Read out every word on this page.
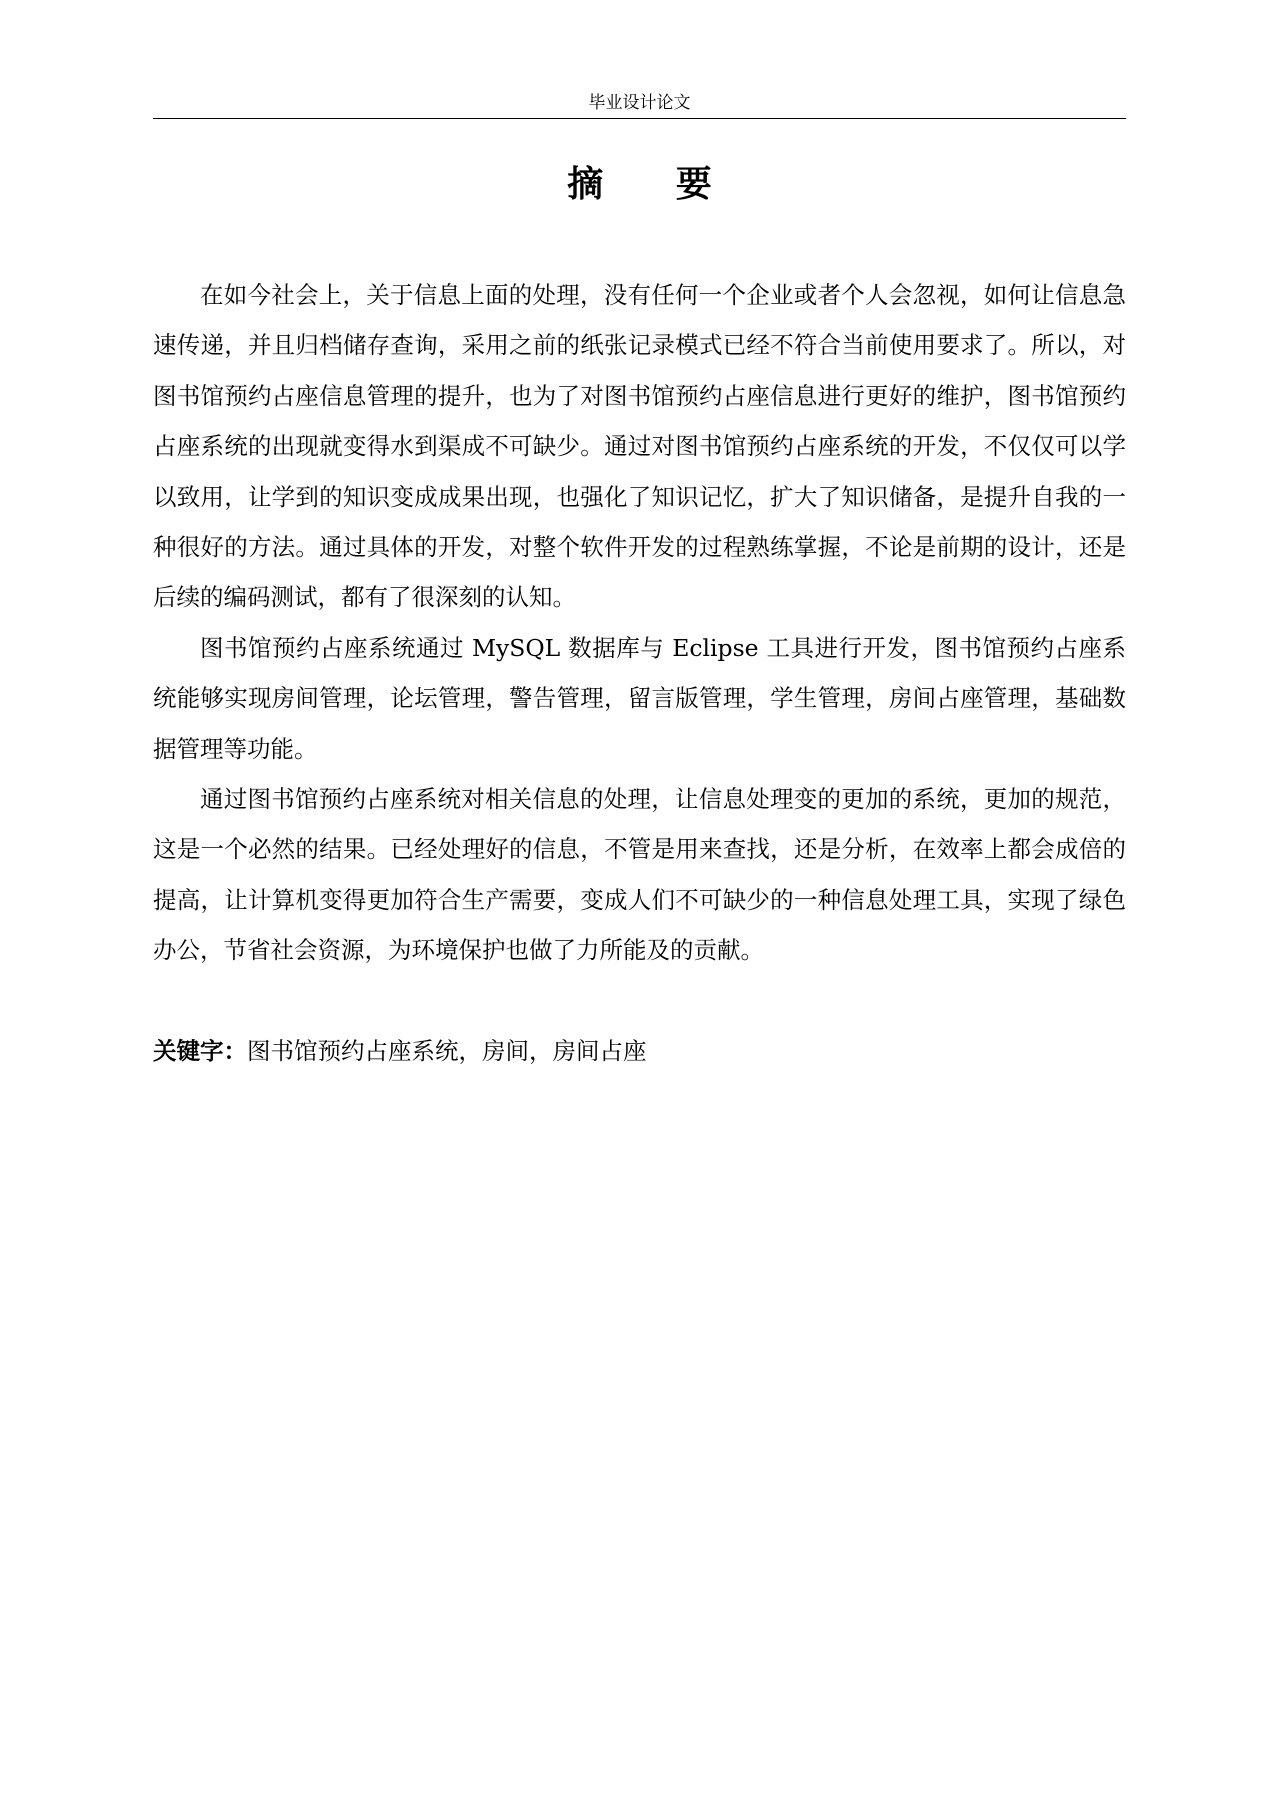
毕业设计论文
摘 要

在如今社会上，关于信息上面的处理，没有任何一个企业或者个人会忽视，如何让信息急速传递，并且归档储存查询，采用之前的纸张记录模式已经不符合当前使用要求了。所以，对图书馆预约占座信息管理的提升，也为了对图书馆预约占座信息进行更好的维护，图书馆预约占座系统的出现就变得水到渠成不可缺少。通过对图书馆预约占座系统的开发，不仅仅可以学以致用，让学到的知识变成成果出现，也强化了知识记忆，扩大了知识储备，是提升自我的一种很好的方法。通过具体的开发，对整个软件开发的过程熟练掌握，不论是前期的设计，还是后续的编码测试，都有了很深刻的认知。

图书馆预约占座系统通过 MySQL 数据库与 Eclipse 工具进行开发，图书馆预约占座系统能够实现房间管理，论坛管理，警告管理，留言版管理，学生管理，房间占座管理，基础数据管理等功能。

通过图书馆预约占座系统对相关信息的处理，让信息处理变的更加的系统，更加的规范，这是一个必然的结果。已经处理好的信息，不管是用来查找，还是分析，在效率上都会成倍的提高，让计算机变得更加符合生产需要，变成人们不可缺少的一种信息处理工具，实现了绿色办公，节省社会资源，为环境保护也做了力所能及的贡献。

关键字：图书馆预约占座系统，房间，房间占座
